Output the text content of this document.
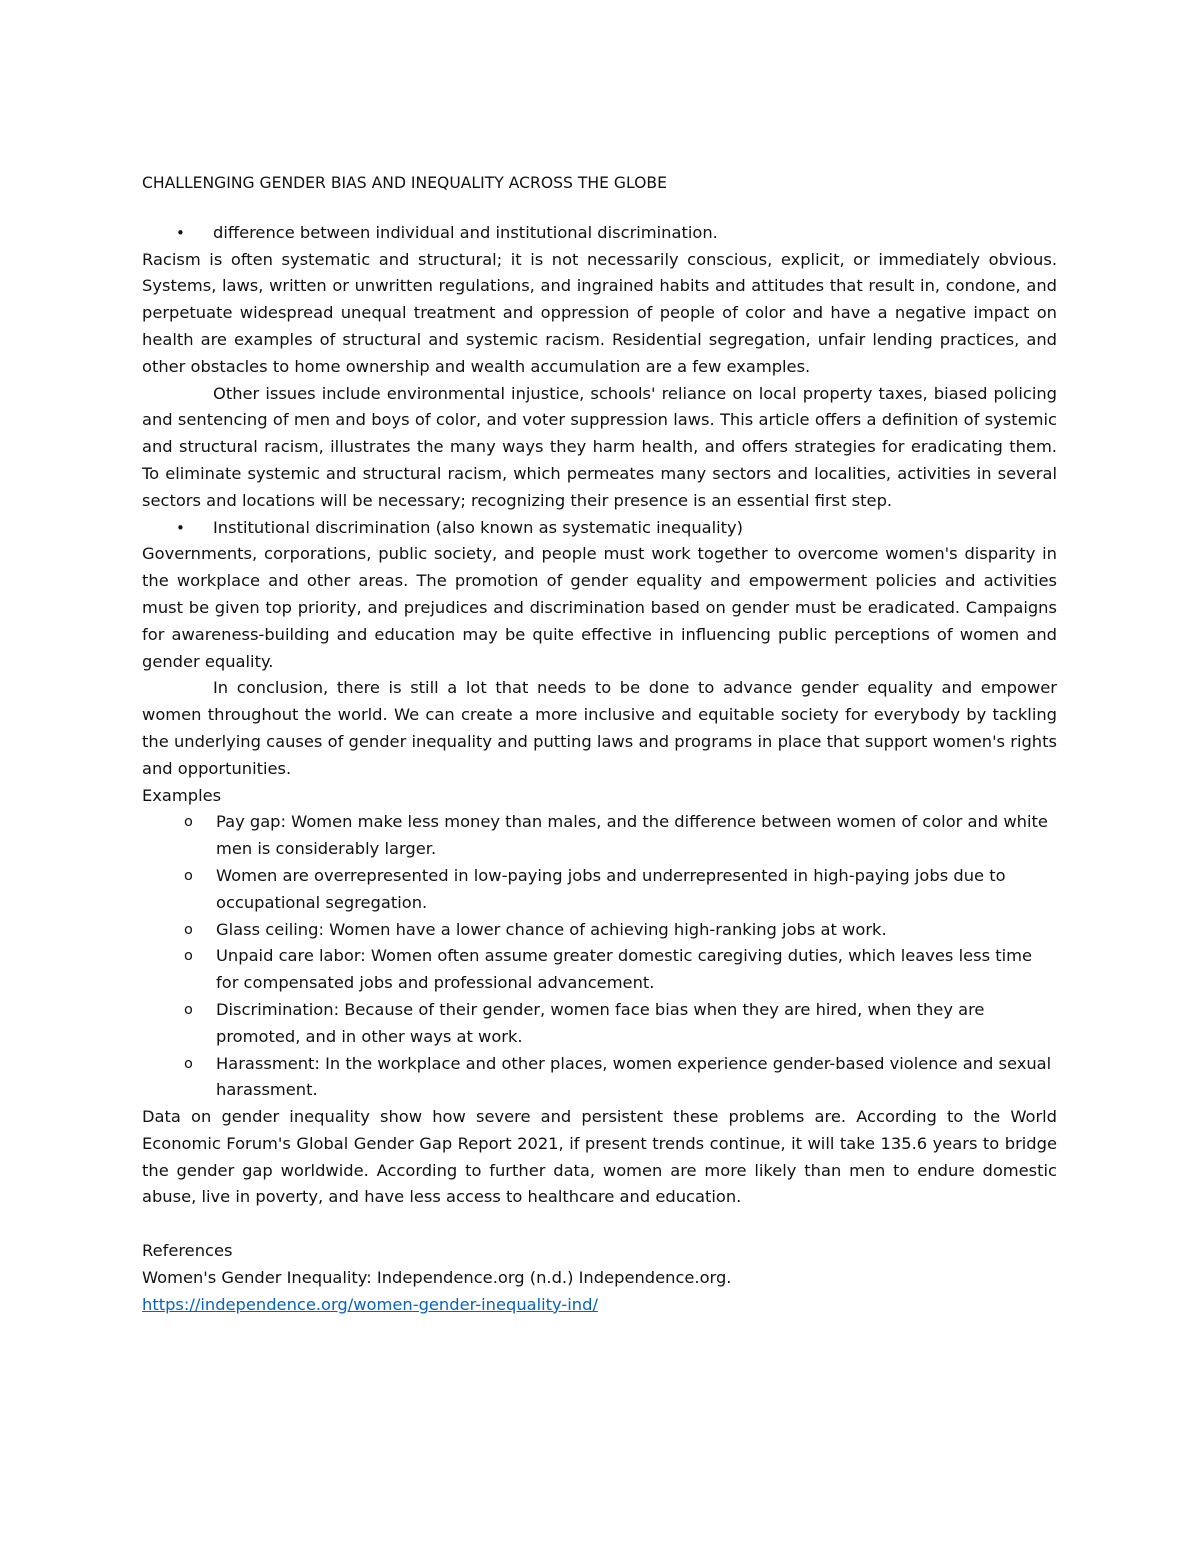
CHALLENGING GENDER BIAS AND INEQUALITY ACROSS THE GLOBE
• difference between individual and institutional discrimination.

Racism is often systematic and structural; it is not necessarily conscious, explicit, or immediately obvious. Systems, laws, written or unwritten regulations, and ingrained habits and attitudes that result in, condone, and perpetuate widespread unequal treatment and oppression of people of color and have a negative impact on health are examples of structural and systemic racism. Residential segregation, unfair lending practices, and other obstacles to home ownership and wealth accumulation are a few examples.

Other issues include environmental injustice, schools' reliance on local property taxes, biased policing and sentencing of men and boys of color, and voter suppression laws. This article offers a definition of systemic and structural racism, illustrates the many ways they harm health, and offers strategies for eradicating them. To eliminate systemic and structural racism, which permeates many sectors and localities, activities in several sectors and locations will be necessary; recognizing their presence is an essential first step.

• Institutional discrimination (also known as systematic inequality)

Governments, corporations, public society, and people must work together to overcome women's disparity in the workplace and other areas. The promotion of gender equality and empowerment policies and activities must be given top priority, and prejudices and discrimination based on gender must be eradicated. Campaigns for awareness-building and education may be quite effective in influencing public perceptions of women and gender equality.

In conclusion, there is still a lot that needs to be done to advance gender equality and empower women throughout the world. We can create a more inclusive and equitable society for everybody by tackling the underlying causes of gender inequality and putting laws and programs in place that support women's rights and opportunities.

Examples

o Pay gap: Women make less money than males, and the difference between women of color and white men is considerably larger.

o Women are overrepresented in low-paying jobs and underrepresented in high-paying jobs due to occupational segregation.

o Glass ceiling: Women have a lower chance of achieving high-ranking jobs at work.

o Unpaid care labor: Women often assume greater domestic caregiving duties, which leaves less time for compensated jobs and professional advancement.

o Discrimination: Because of their gender, women face bias when they are hired, when they are promoted, and in other ways at work.

o Harassment: In the workplace and other places, women experience gender-based violence and sexual harassment.

Data on gender inequality show how severe and persistent these problems are. According to the World Economic Forum's Global Gender Gap Report 2021, if present trends continue, it will take 135.6 years to bridge the gender gap worldwide. According to further data, women are more likely than men to endure domestic abuse, live in poverty, and have less access to healthcare and education.

References

Women's Gender Inequality: Independence.org (n.d.) Independence.org.

https://independence.org/women-gender-inequality-ind/
